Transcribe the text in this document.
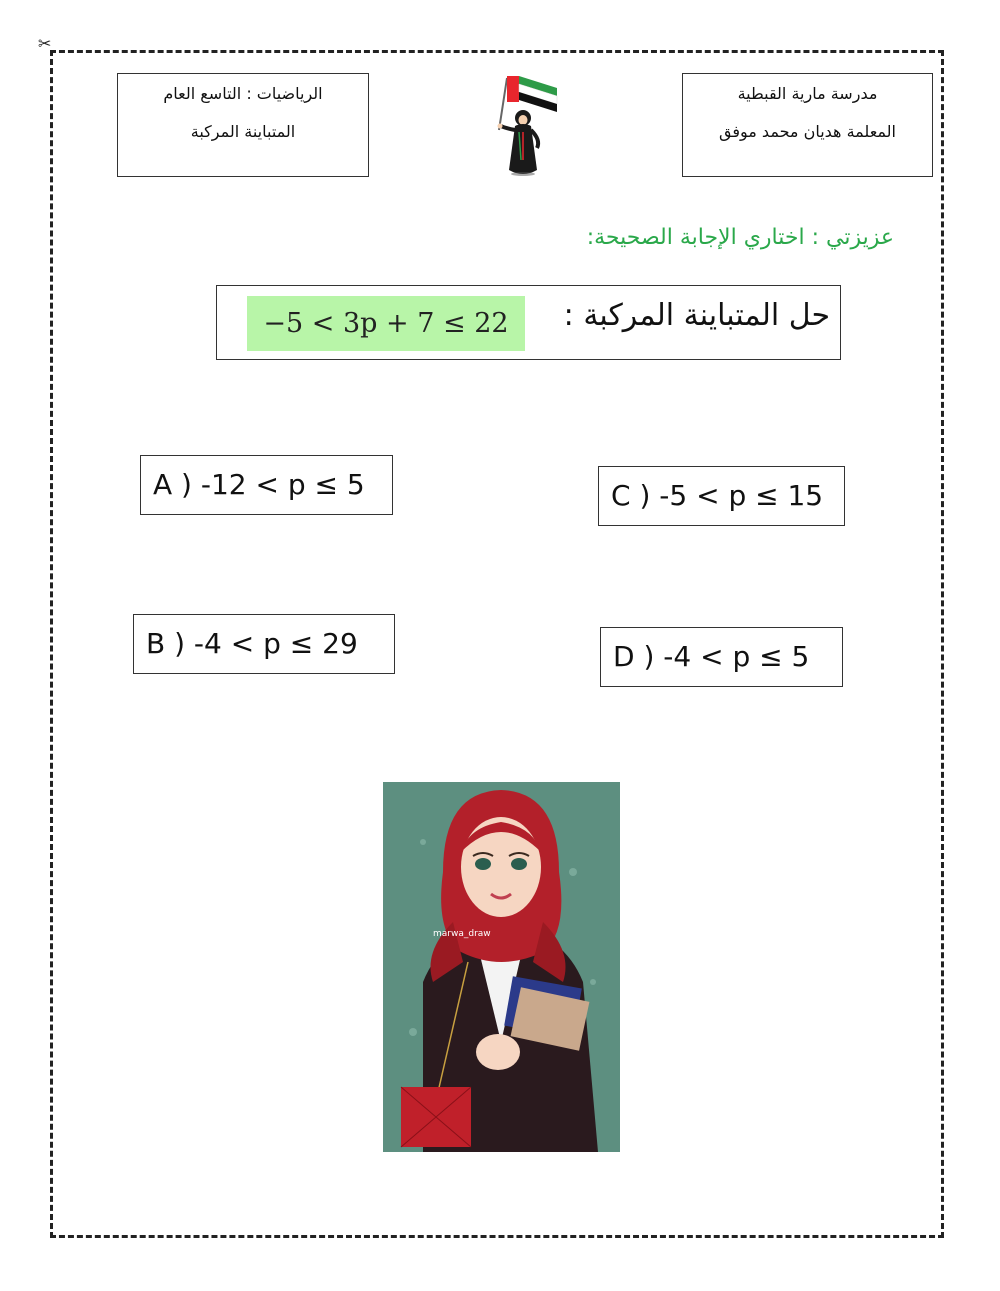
✂
الرياضيات : التاسع العام
المتباينة المركبة
مدرسة مارية القبطية
المعلمة هديان محمد موفق
عزيزتي : اختاري الإجابة الصحيحة:
حل المتباينة المركبة :
−5 < 3p + 7 ≤ 22
A ) -12 < p ≤ 5	C ) -5 < p ≤ 15
B ) -4 < p ≤ 29	D ) -4 < p ≤ 5
marwa_draw
